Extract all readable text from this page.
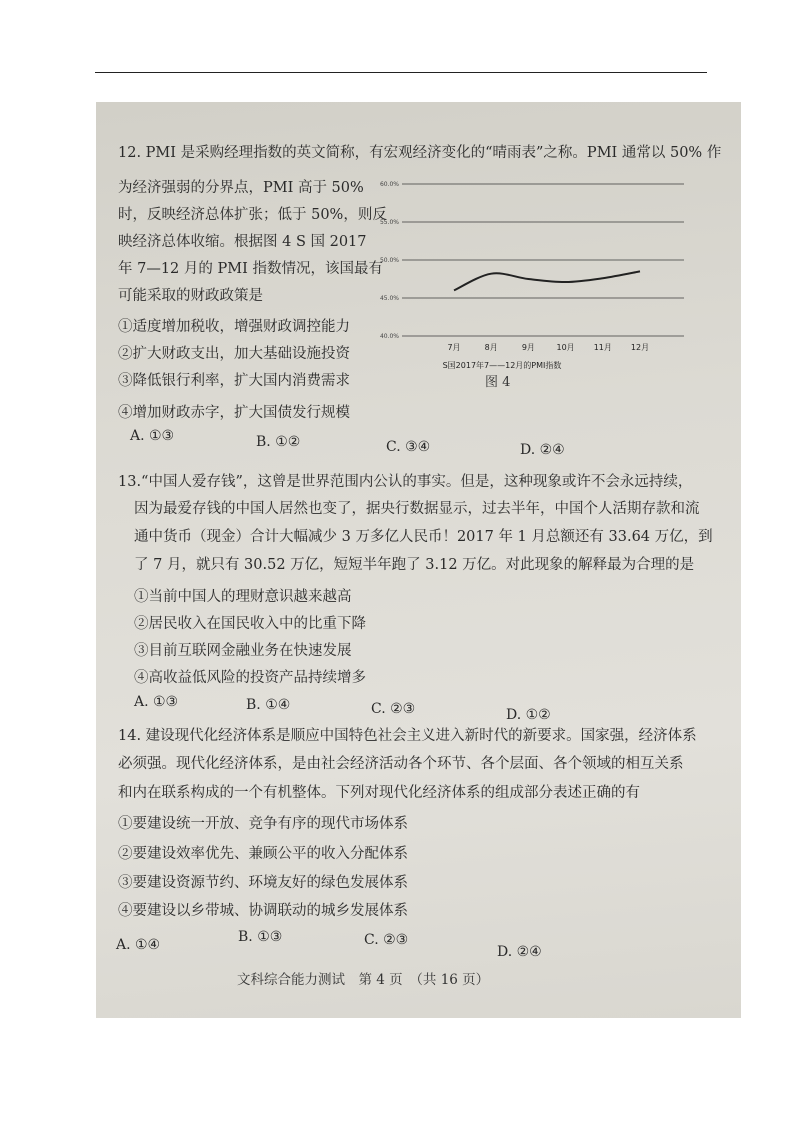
12. PMI 是采购经理指数的英文简称，有宏观经济变化的“晴雨表”之称。PMI 通常以 50% 作
为经济强弱的分界点，PMI 高于 50%
时，反映经济总体扩张；低于 50%，则反
映经济总体收缩。根据图 4 S 国 2017
年 7—12 月的 PMI 指数情况，该国最有
可能采取的财政政策是
①适度增加税收，增强财政调控能力
②扩大财政支出，加大基础设施投资
③降低银行利率，扩大国内消费需求
④增加财政赤字，扩大国债发行规模
A. ①③	B. ①②	C. ③④	D. ②④
13.“中国人爱存钱”，这曾是世界范围内公认的事实。但是，这种现象或许不会永远持续，
因为最爱存钱的中国人居然也变了，据央行数据显示，过去半年，中国个人活期存款和流
通中货币（现金）合计大幅减少 3 万多亿人民币！2017 年 1 月总额还有 33.64 万亿，到
了 7 月，就只有 30.52 万亿，短短半年跑了 3.12 万亿。对此现象的解释最为合理的是
①当前中国人的理财意识越来越高
②居民收入在国民收入中的比重下降
③目前互联网金融业务在快速发展
④高收益低风险的投资产品持续增多
A. ①③	B. ①④	C. ②③	D. ①②
14. 建设现代化经济体系是顺应中国特色社会主义进入新时代的新要求。国家强，经济体系
必须强。现代化经济体系，是由社会经济活动各个环节、各个层面、各个领域的相互关系
和内在联系构成的一个有机整体。下列对现代化经济体系的组成部分表述正确的有
①要建设统一开放、竞争有序的现代市场体系
②要建设效率优先、兼顾公平的收入分配体系
③要建设资源节约、环境友好的绿色发展体系
④要建设以乡带城、协调联动的城乡发展体系
A. ①④	B. ①③	C. ②③
D. ②④
S国2017年7——12月的PMI指数
40.0%
45.0%
50.0%
55.0%
60.0%
7月	8月	9月	10月 11月 12月
图 4
文科综合能力测试　第 4 页　（共 16 页）
